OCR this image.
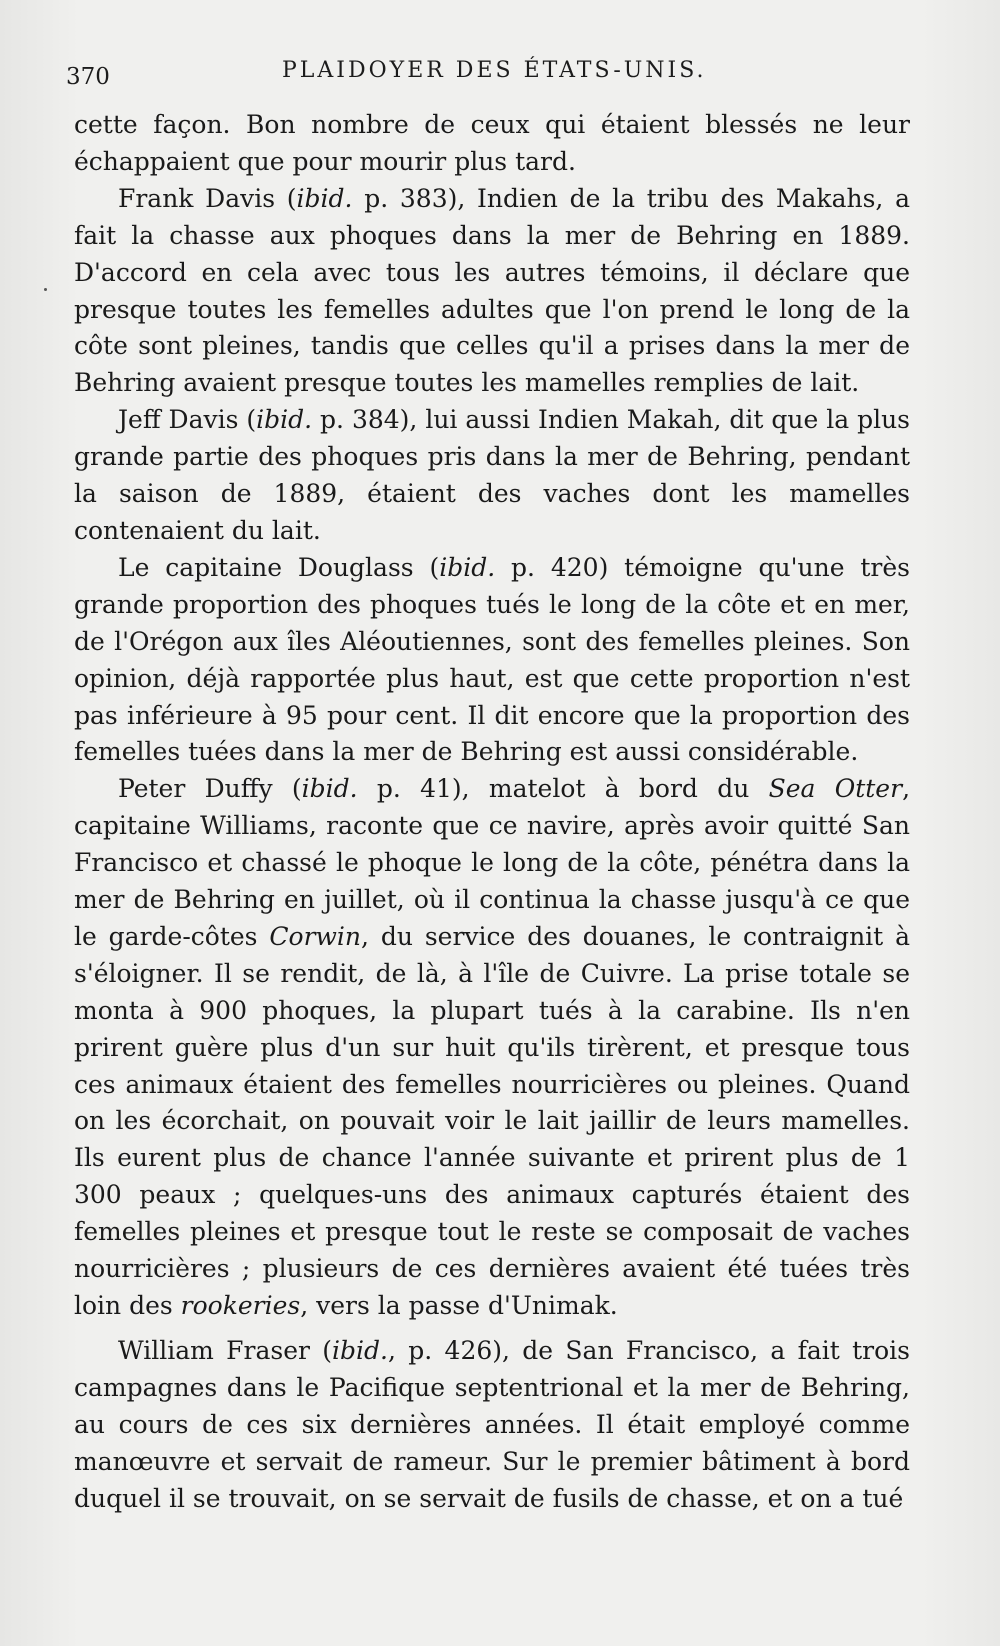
370	PLAIDOYER DES ÉTATS-UNIS.

cette façon. Bon nombre de ceux qui étaient blessés ne leur échappaient que pour mourir plus tard.

Frank Davis (ibid. p. 383), Indien de la tribu des Makahs, a fait la chasse aux phoques dans la mer de Behring en 1889. D'accord en cela avec tous les autres témoins, il déclare que presque toutes les femelles adultes que l'on prend le long de la côte sont pleines, tandis que celles qu'il a prises dans la mer de Behring avaient presque toutes les mamelles remplies de lait.

Jeff Davis (ibid. p. 384), lui aussi Indien Makah, dit que la plus grande partie des phoques pris dans la mer de Behring, pendant la saison de 1889, étaient des vaches dont les mamelles contenaient du lait.

Le capitaine Douglass (ibid. p. 420) témoigne qu'une très grande proportion des phoques tués le long de la côte et en mer, de l'Orégon aux îles Aléoutiennes, sont des femelles pleines. Son opinion, déjà rapportée plus haut, est que cette proportion n'est pas inférieure à 95 pour cent. Il dit encore que la proportion des femelles tuées dans la mer de Behring est aussi considérable.

Peter Duffy (ibid. p. 41), matelot à bord du Sea Otter, capitaine Williams, raconte que ce navire, après avoir quitté San Francisco et chassé le phoque le long de la côte, pénétra dans la mer de Behring en juillet, où il continua la chasse jusqu'à ce que le garde-côtes Corwin, du service des douanes, le contraignit à s'éloigner. Il se rendit, de là, à l'île de Cuivre. La prise totale se monta à 900 phoques, la plupart tués à la carabine. Ils n'en prirent guère plus d'un sur huit qu'ils tirèrent, et presque tous ces animaux étaient des femelles nourricières ou pleines. Quand on les écorchait, on pouvait voir le lait jaillir de leurs mamelles. Ils eurent plus de chance l'année suivante et prirent plus de 1 300 peaux ; quelques-uns des animaux capturés étaient des femelles pleines et presque tout le reste se composait de vaches nourricières ; plusieurs de ces dernières avaient été tuées très loin des rookeries, vers la passe d'Unimak.

William Fraser (ibid., p. 426), de San Francisco, a fait trois campagnes dans le Pacifique septentrional et la mer de Behring, au cours de ces six dernières années. Il était employé comme manœuvre et servait de rameur. Sur le premier bâtiment à bord duquel il se trouvait, on se servait de fusils de chasse, et on a tué
